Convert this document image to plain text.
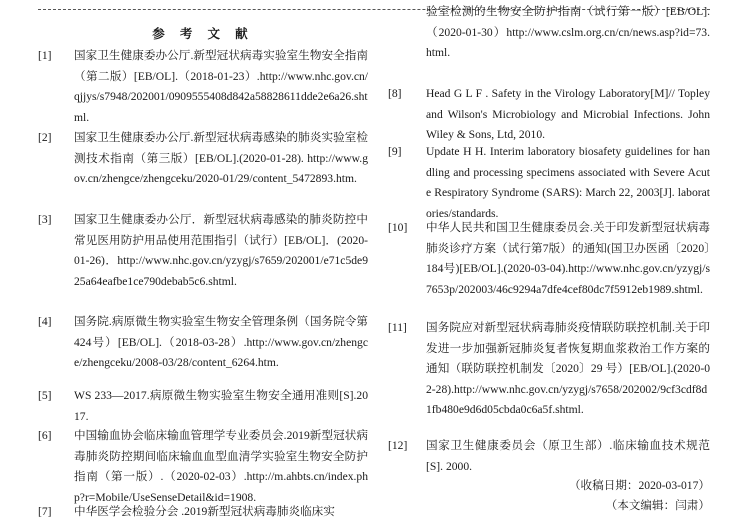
参 考 文 献
[1]	国家卫生健康委办公厅.新型冠状病毒实验室生物安全指南（第二版）[EB/OL].（2018-01-23）.http://www.nhc.gov.cn/qjjys/s7948/202001/0909555408d842a58828611dde2e6a26.shtml.
[2]	国家卫生健康委办公厅.新型冠状病毒感染的肺炎实验室检测技术指南（第三版）[EB/OL].(2020-01-28). http://www.gov.cn/zhengce/zhengceku/2020-01/29/content_5472893.htm.
[3]	国家卫生健康委办公厅．新型冠状病毒感染的肺炎防控中常见医用防护用品使用范围指引（试行）[EB/OL]．(2020-01-26)．http://www.nhc.gov.cn/yzygj/s7659/202001/e71c5de925a64eafbe1ce790debab5c6.shtml.
[4]	国务院.病原微生物实验室生物安全管理条例（国务院令第424号）[EB/OL].（2018-03-28）.http://www.gov.cn/zhengce/zhengceku/2008-03/28/content_6264.htm.
[5]	WS 233—2017.病原微生物实验室生物安全通用准则[S].2017.
[6]	中国输血协会临床输血管理学专业委员会.2019新型冠状病毒肺炎防控期间临床输血血型血清学实验室生物安全防护指南（第一版）.（2020-02-03）.http://m.ahbts.cn/index.php?r=Mobile/UseSenseDetail&id=1908.
[7]	中华医学会检验分会 .2019新型冠状病毒肺炎临床实
验室检测的生物安全防护指南（试行第一版）[EB/OL].（2020-01-30）http://www.cslm.org.cn/cn/news.asp?id=73.html.
[8]	Head G L F . Safety in the Virology Laboratory[M]// Topley and Wilson's Microbiology and Microbial Infections. John Wiley & Sons, Ltd, 2010.
[9]	Update H H. Interim laboratory biosafety guidelines for handling and processing specimens associated with Severe Acute Respiratory Syndrome (SARS): March 22, 2003[J]. laboratories/standards.
[10]	中华人民共和国卫生健康委员会.关于印发新型冠状病毒肺炎诊疗方案（试行第7版）的通知(国卫办医函〔2020〕184号)[EB/OL].(2020-03-04).http://www.nhc.gov.cn/yzygj/s7653p/202003/46c9294a7dfe4cef80dc7f5912eb1989.shtml.
[11]	国务院应对新型冠状病毒肺炎疫情联防联控机制.关于印发进一步加强新冠肺炎复者恢复期血浆救治工作方案的通知（联防联控机制发〔2020〕29 号）[EB/OL].(2020-02-28).http://www.nhc.gov.cn/yzygj/s7658/202002/9cf3cdf8d1fb480e9d6d05cbda0c6a5f.shtml.
[12]	国家卫生健康委员会（原卫生部）.临床输血技术规范[S]. 2000.
（收稿日期：2020-03-017）
（本文编辑：闫肃）
